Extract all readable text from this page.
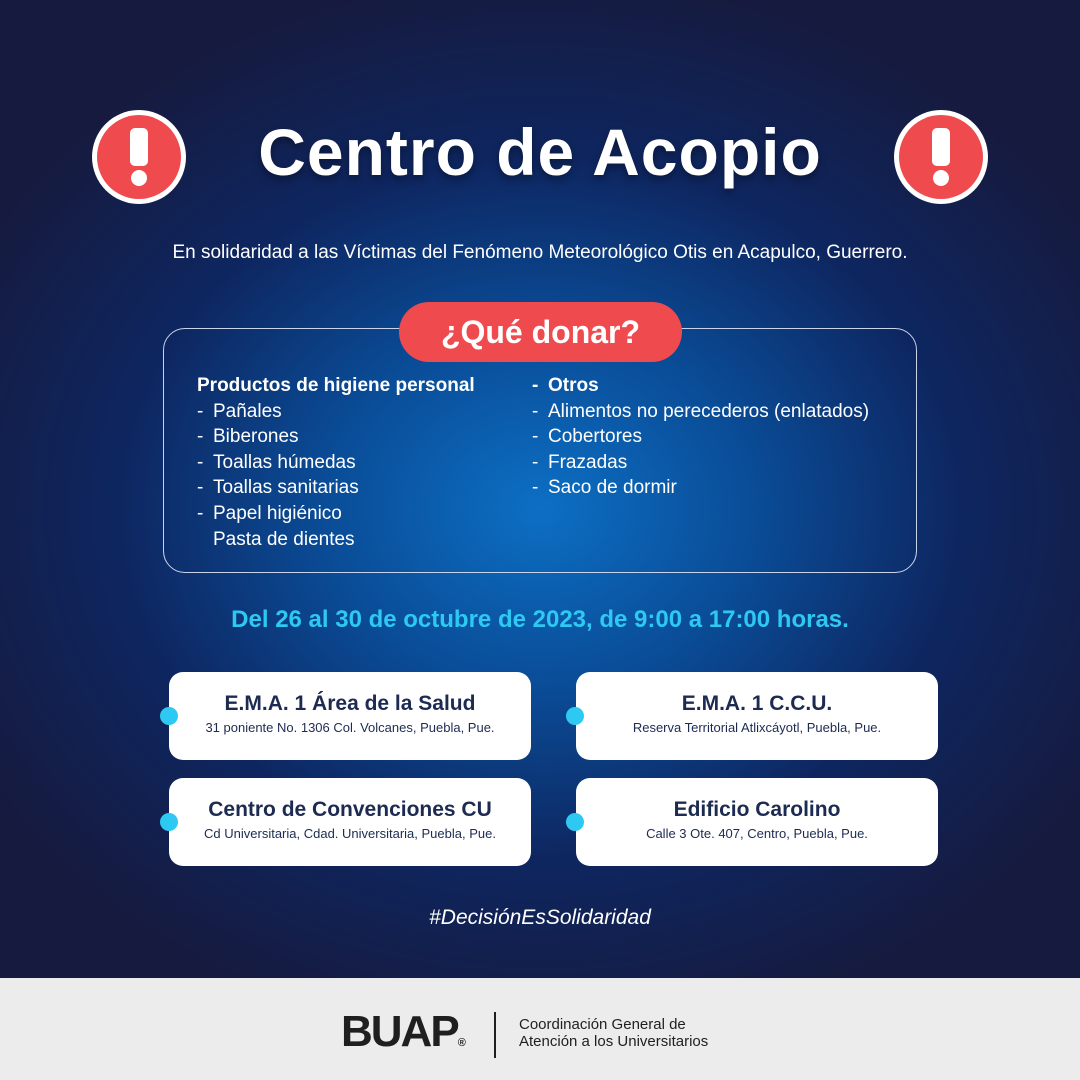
Centro de Acopio
En solidaridad a las Víctimas del Fenómeno Meteorológico Otis en Acapulco, Guerrero.
¿Qué donar?
Productos de higiene personal
- Pañales
- Biberones
- Toallas húmedas
- Toallas sanitarias
- Papel higiénico
Pasta de dientes
- Otros
- Alimentos no perecederos (enlatados)
- Cobertores
- Frazadas
- Saco de dormir
Del 26 al 30 de octubre de 2023, de 9:00 a 17:00 horas.
E.M.A. 1 Área de la Salud
31 poniente No. 1306 Col. Volcanes, Puebla, Pue.
E.M.A. 1 C.C.U.
Reserva Territorial Atlixcáyotl, Puebla, Pue.
Centro de Convenciones CU
Cd Universitaria, Cdad. Universitaria, Puebla, Pue.
Edificio Carolino
Calle 3 Ote. 407, Centro, Puebla, Pue.
#DecisiónEsSolidaridad
BUAP®
Coordinación General de
Atención a los Universitarios
